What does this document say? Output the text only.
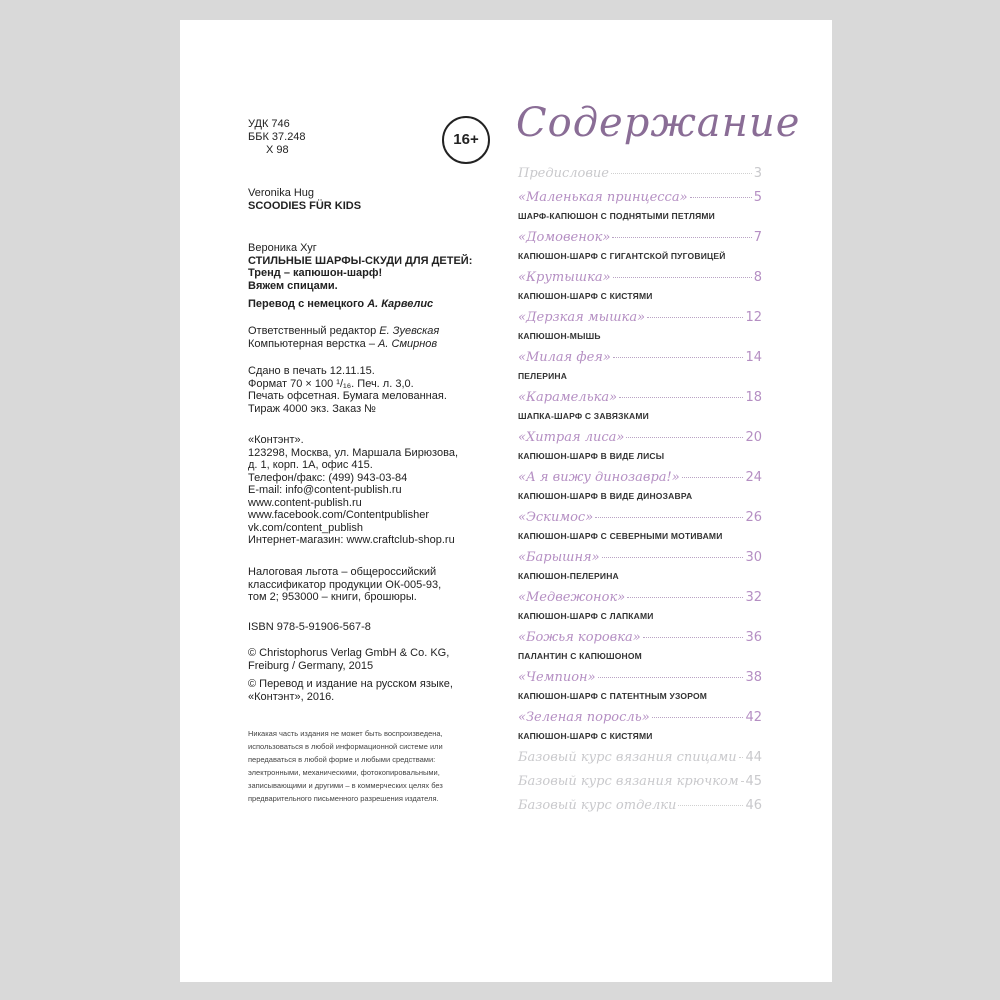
УДК 746
ББК 37.248
Х 98
16+
Veronika Hug
SCOODIES FÜR KIDS
Вероника Хуг
СТИЛЬНЫЕ ШАРФЫ-СКУДИ ДЛЯ ДЕТЕЙ:
Тренд – капюшон-шарф!
Вяжем спицами.
Перевод с немецкого А. Карвелис
Ответственный редактор Е. Зуевская
Компьютерная верстка – А. Смирнов
Сдано в печать 12.11.15.
Формат 70 × 100 ¹/₁₆. Печ. л. 3,0.
Печать офсетная. Бумага мелованная.
Тираж 4000 экз. Заказ №
«Контэнт».
123298, Москва, ул. Маршала Бирюзова,
д. 1, корп. 1А, офис 415.
Телефон/факс: (499) 943-03-84
E-mail: info@content-publish.ru
www.content-publish.ru
www.facebook.com/Contentpublisher
vk.com/content_publish
Интернет-магазин: www.craftclub-shop.ru
Налоговая льгота – общероссийский
классификатор продукции ОК-005-93,
том 2; 953000 – книги, брошюры.
ISBN 978-5-91906-567-8
© Christophorus Verlag GmbH & Co. KG,
Freiburg / Germany, 2015
© Перевод и издание на русском языке,
«Контэнт», 2016.
Никакая часть издания не может быть воспроизведена,
использоваться в любой информационной системе или
передаваться в любой форме и любыми средствами:
электронными, механическими, фотокопировальными,
записывающими и другими – в коммерческих целях без
предварительного письменного разрешения издателя.
Содержание
Предисловие	3
«Маленькая принцесса»	5
ШАРФ-КАПЮШОН С ПОДНЯТЫМИ ПЕТЛЯМИ
«Домовенок»	7
КАПЮШОН-ШАРФ С ГИГАНТСКОЙ ПУГОВИЦЕЙ
«Крутышка»	8
КАПЮШОН-ШАРФ С КИСТЯМИ
«Дерзкая мышка»	12
КАПЮШОН-МЫШЬ
«Милая фея»	14
ПЕЛЕРИНА
«Карамелька»	18
ШАПКА-ШАРФ С ЗАВЯЗКАМИ
«Хитрая лиса»	20
КАПЮШОН-ШАРФ В ВИДЕ ЛИСЫ
«А я вижу динозавра!»	24
КАПЮШОН-ШАРФ В ВИДЕ ДИНОЗАВРА
«Эскимос»	26
КАПЮШОН-ШАРФ С СЕВЕРНЫМИ МОТИВАМИ
«Барышня»	30
КАПЮШОН-ПЕЛЕРИНА
«Медвежонок»	32
КАПЮШОН-ШАРФ С ЛАПКАМИ
«Божья коровка»	36
ПАЛАНТИН С КАПЮШОНОМ
«Чемпион»	38
КАПЮШОН-ШАРФ С ПАТЕНТНЫМ УЗОРОМ
«Зеленая поросль»	42
КАПЮШОН-ШАРФ С КИСТЯМИ
Базовый курс вязания спицами 44
Базовый курс вязания крючком 45
Базовый курс отделки	46
